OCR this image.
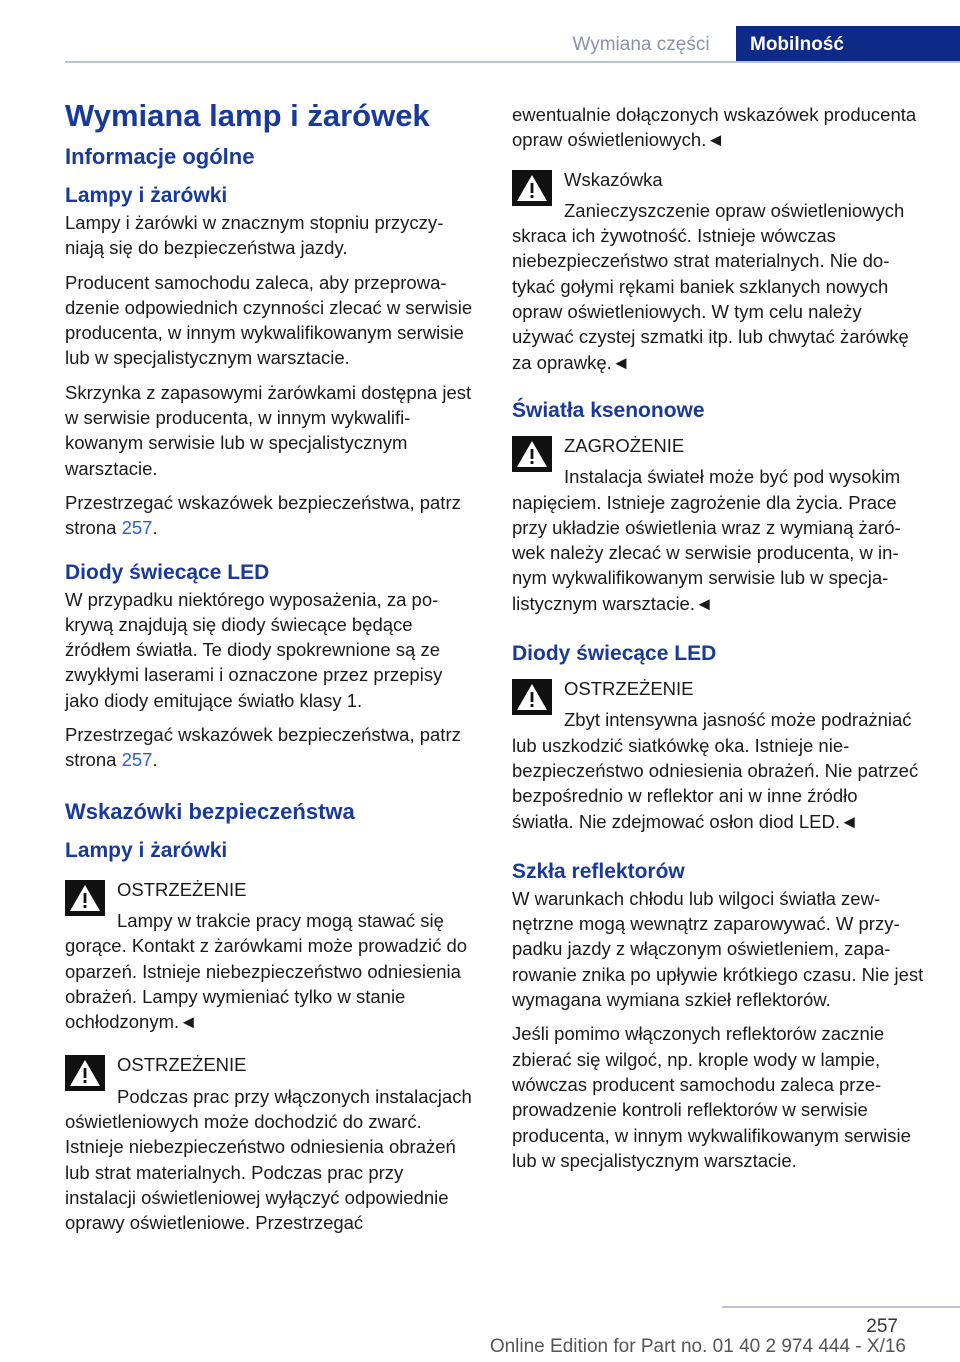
Wymiana części	Mobilność
Wymiana lamp i żarówek
Informacje ogólne
Lampy i żarówki

Lampy i żarówki w znacznym stopniu przyczyniają się do bezpieczeństwa jazdy.

Producent samochodu zaleca, aby przeprowadzenie odpowiednich czynności zlecać w serwisie producenta, w innym wykwalifikowanym serwisie lub w specjalistycznym warsztacie.

Skrzynka z zapasowymi żarówkami dostępna jest w serwisie producenta, w innym wykwalifikowanym serwisie lub w specjalistycznym warsztacie.

Przestrzegać wskazówek bezpieczeństwa, patrz strona 257.

Diody świecące LED

W przypadku niektórego wyposażenia, za pokrywą znajdują się diody świecące będące źródłem światła. Te diody spokrewnione są ze zwykłymi laserami i oznaczone przez przepisy jako diody emitujące światło klasy 1.

Przestrzegać wskazówek bezpieczeństwa, patrz strona 257.

Wskazówki bezpieczeństwa
Lampy i żarówki
OSTRZEŻENIE
Lampy w trakcie pracy mogą stawać się gorące. Kontakt z żarówkami może prowadzić do oparzeń. Istnieje niebezpieczeństwo odniesienia obrażeń. Lampy wymieniać tylko w stanie ochłodzonym.◄
OSTRZEŻENIE
Podczas prac przy włączonych instalacjach oświetleniowych może dochodzić do zwarć. Istnieje niebezpieczeństwo odniesienia obrażeń lub strat materialnych. Podczas prac przy instalacji oświetleniowej wyłączyć odpowiednie oprawy oświetleniowe. Przestrzegać

ewentualnie dołączonych wskazówek producenta opraw oświetleniowych.◄

Wskazówka
Zanieczyszczenie opraw oświetleniowych skraca ich żywotność. Istnieje wówczas niebezpieczeństwo strat materialnych. Nie dotykać gołymi rękami baniek szklanych nowych opraw oświetleniowych. W tym celu należy używać czystej szmatki itp. lub chwytać żarówkę za oprawkę.◄
Światła ksenonowe
ZAGROŻENIE
Instalacja świateł może być pod wysokim napięciem. Istnieje zagrożenie dla życia. Prace przy układzie oświetlenia wraz z wymianą żarówek należy zlecać w serwisie producenta, w innym wykwalifikowanym serwisie lub w specjalistycznym warsztacie.◄
Diody świecące LED
OSTRZEŻENIE
Zbyt intensywna jasność może podrażniać lub uszkodzić siatkówkę oka. Istnieje niebezpieczeństwo odniesienia obrażeń. Nie patrzeć bezpośrednio w reflektor ani w inne źródło światła. Nie zdejmować osłon diod LED.◄
Szkła reflektorów

W warunkach chłodu lub wilgoci światła zewnętrzne mogą wewnątrz zaparowywać. W przypadku jazdy z włączonym oświetleniem, zaparowanie znika po upływie krótkiego czasu. Nie jest wymagana wymiana szkieł reflektorów.

Jeśli pomimo włączonych reflektorów zacznie zbierać się wilgoć, np. krople wody w lampie, wówczas producent samochodu zaleca przeprowadzenie kontroli reflektorów w serwisie producenta, w innym wykwalifikowanym serwisie lub w specjalistycznym warsztacie.

257
Online Edition for Part no. 01 40 2 974 444 - X/16
